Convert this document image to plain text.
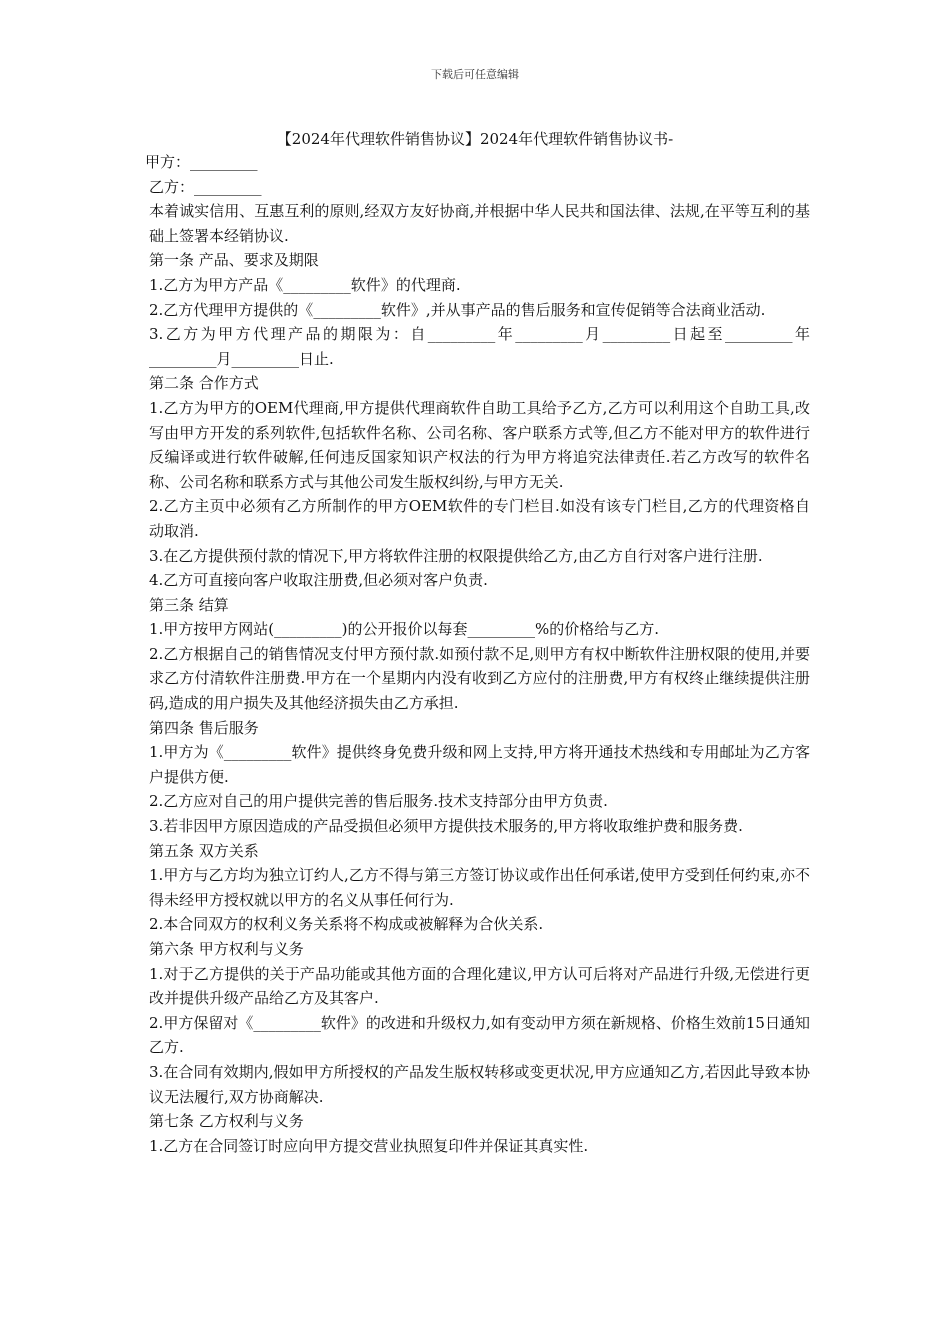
下载后可任意编辑
【2024年代理软件销售协议】2024年代理软件销售协议书-

甲方：_________

乙方：_________

本着诚实信用、互惠互利的原则,经双方友好协商,并根据中华人民共和国法律、法规,在平等互利的基础上签署本经销协议.

第一条 产品、要求及期限

1.乙方为甲方产品《_________软件》的代理商.

2.乙方代理甲方提供的《_________软件》,并从事产品的售后服务和宣传促销等合法商业活动.

3.乙方为甲方代理产品的期限为：自_________年_________月_________日起至_________年_________月_________日止.

第二条 合作方式

1.乙方为甲方的OEM代理商,甲方提供代理商软件自助工具给予乙方,乙方可以利用这个自助工具,改写由甲方开发的系列软件,包括软件名称、公司名称、客户联系方式等,但乙方不能对甲方的软件进行反编译或进行软件破解,任何违反国家知识产权法的行为甲方将追究法律责任.若乙方改写的软件名称、公司名称和联系方式与其他公司发生版权纠纷,与甲方无关.

2.乙方主页中必须有乙方所制作的甲方OEM软件的专门栏目.如没有该专门栏目,乙方的代理资格自动取消.

3.在乙方提供预付款的情况下,甲方将软件注册的权限提供给乙方,由乙方自行对客户进行注册.

4.乙方可直接向客户收取注册费,但必须对客户负责.

第三条 结算

1.甲方按甲方网站(_________)的公开报价以每套_________%的价格给与乙方.

2.乙方根据自己的销售情况支付甲方预付款.如预付款不足,则甲方有权中断软件注册权限的使用,并要求乙方付清软件注册费.甲方在一个星期内内没有收到乙方应付的注册费,甲方有权终止继续提供注册码,造成的用户损失及其他经济损失由乙方承担.

第四条 售后服务

1.甲方为《_________软件》提供终身免费升级和网上支持,甲方将开通技术热线和专用邮址为乙方客户提供方便.

2.乙方应对自己的用户提供完善的售后服务.技术支持部分由甲方负责.

3.若非因甲方原因造成的产品受损但必须甲方提供技术服务的,甲方将收取维护费和服务费.

第五条 双方关系

1.甲方与乙方均为独立订约人,乙方不得与第三方签订协议或作出任何承诺,使甲方受到任何约束,亦不得未经甲方授权就以甲方的名义从事任何行为.

2.本合同双方的权利义务关系将不构成或被解释为合伙关系.

第六条 甲方权利与义务

1.对于乙方提供的关于产品功能或其他方面的合理化建议,甲方认可后将对产品进行升级,无偿进行更改并提供升级产品给乙方及其客户.

2.甲方保留对《_________软件》的改进和升级权力,如有变动甲方须在新规格、价格生效前15日通知乙方.

3.在合同有效期内,假如甲方所授权的产品发生版权转移或变更状况,甲方应通知乙方,若因此导致本协议无法履行,双方协商解决.

第七条 乙方权利与义务

1.乙方在合同签订时应向甲方提交营业执照复印件并保证其真实性.
